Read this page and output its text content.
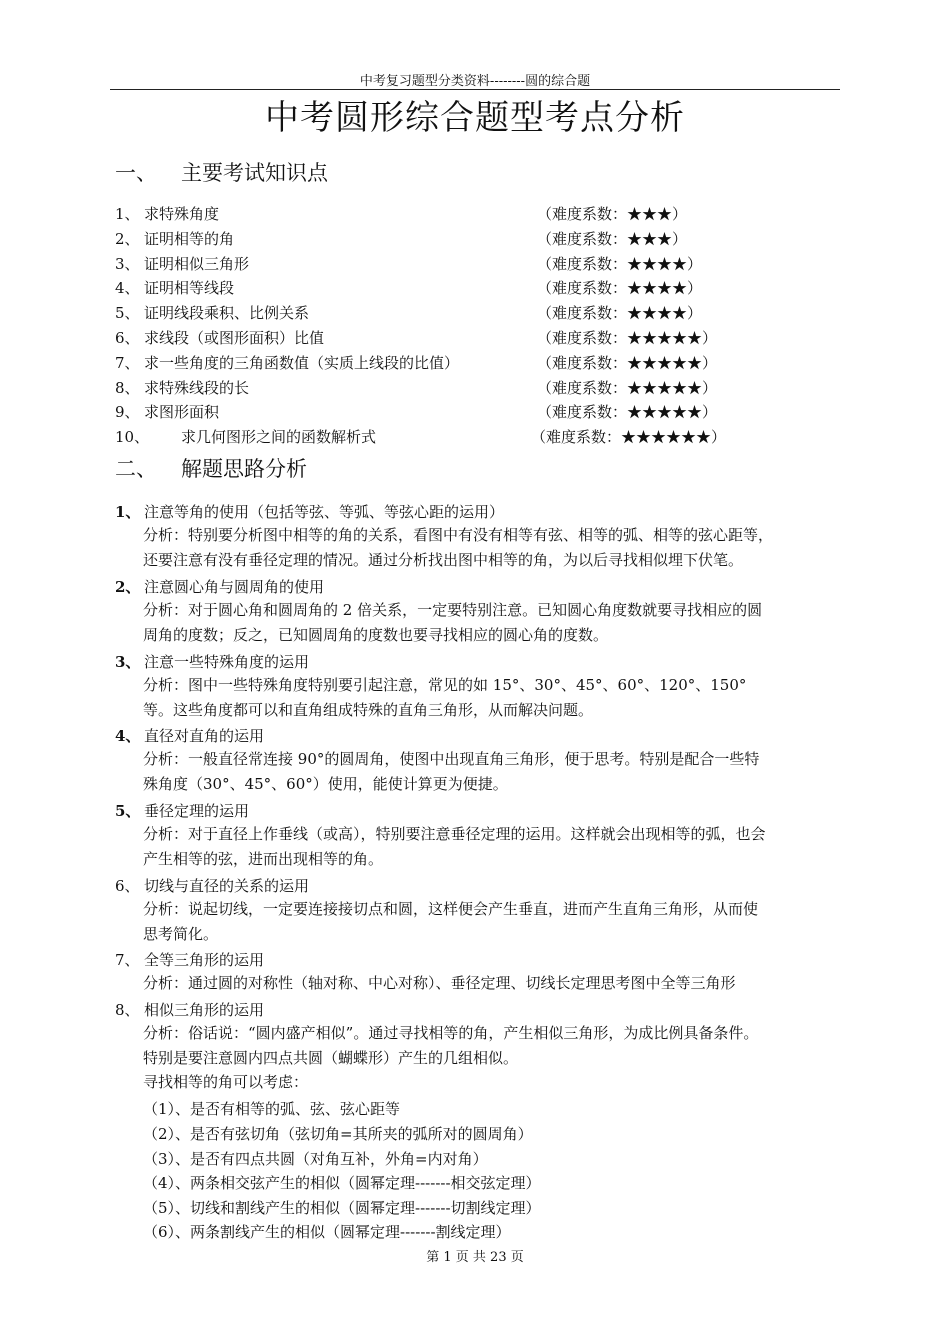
中考复习题型分类资料--------圆的综合题
中考圆形综合题型考点分析
一、 主要考试知识点
1、 求特殊角度	（难度系数：★★★）
2、 证明相等的角	（难度系数：★★★）
3、 证明相似三角形	（难度系数：★★★★）
4、 证明相等线段	（难度系数：★★★★）
5、 证明线段乘积、比例关系	（难度系数：★★★★）
6、 求线段（或图形面积）比值	（难度系数：★★★★★）
7、 求一些角度的三角函数值（实质上线段的比值）	（难度系数：★★★★★）
8、 求特殊线段的长	（难度系数：★★★★★）
9、 求图形面积	（难度系数：★★★★★）
10、 求几何图形之间的函数解析式	（难度系数：★★★★★★）
二、 解题思路分析
1、 注意等角的使用（包括等弦、等弧、等弦心距的运用）
分析：特别要分析图中相等的角的关系，看图中有没有相等有弦、相等的弧、相等的弦心距等，
还要注意有没有垂径定理的情况。通过分析找出图中相等的角，为以后寻找相似埋下伏笔。
2、 注意圆心角与圆周角的使用
分析：对于圆心角和圆周角的 2 倍关系，一定要特别注意。已知圆心角度数就要寻找相应的圆
周角的度数；反之，已知圆周角的度数也要寻找相应的圆心角的度数。
3、 注意一些特殊角度的运用
分析：图中一些特殊角度特别要引起注意，常见的如 15°、30°、45°、60°、120°、150°
等。这些角度都可以和直角组成特殊的直角三角形，从而解决问题。
4、 直径对直角的运用
分析：一般直径常连接 90°的圆周角，使图中出现直角三角形，便于思考。特别是配合一些特
殊角度（30°、45°、60°）使用，能使计算更为便捷。
5、 垂径定理的运用
分析：对于直径上作垂线（或高），特别要注意垂径定理的运用。这样就会出现相等的弧，也会
产生相等的弦，进而出现相等的角。
6、 切线与直径的关系的运用
分析：说起切线，一定要连接接切点和圆，这样便会产生垂直，进而产生直角三角形，从而使
思考简化。
7、 全等三角形的运用
分析：通过圆的对称性（轴对称、中心对称）、垂径定理、切线长定理思考图中全等三角形
8、 相似三角形的运用
分析：俗话说：“圆内盛产相似”。通过寻找相等的角，产生相似三角形，为成比例具备条件。
特别是要注意圆内四点共圆（蝴蝶形）产生的几组相似。
寻找相等的角可以考虑：
（1）、是否有相等的弧、弦、弦心距等
（2）、是否有弦切角（弦切角=其所夹的弧所对的圆周角）
（3）、是否有四点共圆（对角互补，外角=内对角）
（4）、两条相交弦产生的相似（圆幂定理-------相交弦定理）
（5）、切线和割线产生的相似（圆幂定理-------切割线定理）
（6）、两条割线产生的相似（圆幂定理-------割线定理）
第 1 页 共 23 页
